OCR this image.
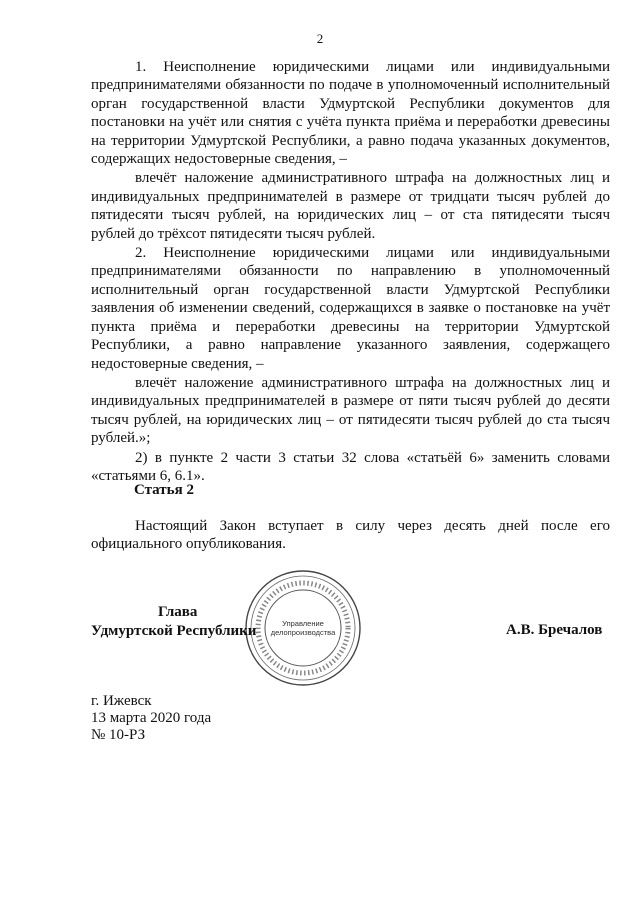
2

1. Неисполнение юридическими лицами или индивидуальными предпринимателями обязанности по подаче в уполномоченный исполнительный орган государственной власти Удмуртской Республики документов для постановки на учёт или снятия с учёта пункта приёма и переработки древесины на территории Удмуртской Республики, а равно подача указанных документов, содержащих недостоверные сведения, –

влечёт наложение административного штрафа на должностных лиц и индивидуальных предпринимателей в размере от тридцати тысяч рублей до пятидесяти тысяч рублей, на юридических лиц – от ста пятидесяти тысяч рублей до трёхсот пятидесяти тысяч рублей.

2. Неисполнение юридическими лицами или индивидуальными предпринимателями обязанности по направлению в уполномоченный исполнительный орган государственной власти Удмуртской Республики заявления об изменении сведений, содержащихся в заявке о постановке на учёт пункта приёма и переработки древесины на территории Удмуртской Республики, а равно направление указанного заявления, содержащего недостоверные сведения, –

влечёт наложение административного штрафа на должностных лиц и индивидуальных предпринимателей в размере от пяти тысяч рублей до десяти тысяч рублей, на юридических лиц – от пятидесяти тысяч рублей до ста тысяч рублей.»;

2) в пункте 2 части 3 статьи 32 слова «статьёй 6» заменить словами «статьями 6, 6.1».

Статья 2

Настоящий Закон вступает в силу через десять дней после его официального опубликования.

Управление
делопроизводства
Глава
Удмуртской Республики	А.В. Бречалов
г. Ижевск
13 марта 2020 года
№ 10-РЗ
